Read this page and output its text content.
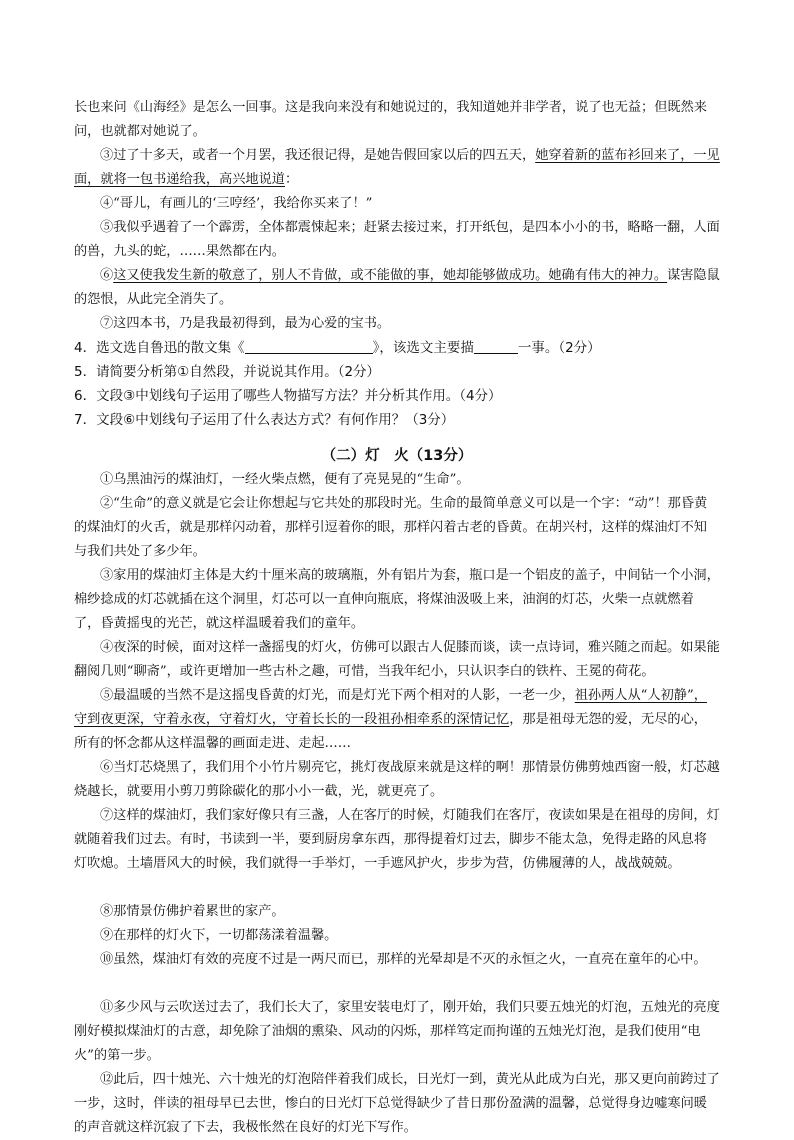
长也来问《山海经》是怎么一回事。这是我向来没有和她说过的，我知道她并非学者，说了也无益；但既然来问，也就都对她说了。

③过了十多天，或者一个月罢，我还很记得，是她告假回家以后的四五天，她穿着新的蓝布衫回来了，一见面，就将一包书递给我，高兴地说道：

④“哥儿，有画儿的‘三哼经’，我给你买来了！”

⑤我似乎遇着了一个霹雳，全体都震悚起来；赶紧去接过来，打开纸包，是四本小小的书，略略一翻，人面的兽，九头的蛇，……果然都在内。

⑥这又使我发生新的敬意了，别人不肯做，或不能做的事，她却能够做成功。她确有伟大的神力。谋害隐鼠的怨恨，从此完全消失了。

⑦这四本书，乃是我最初得到，最为心爱的宝书。

4．选文选自鲁迅的散文集《	》，该选文主要描	一事。（2分）

5．请简要分析第①自然段，并说说其作用。（2分）

6．文段③中划线句子运用了哪些人物描写方法？并分析其作用。（4分）

7．文段⑥中划线句子运用了什么表达方式？有何作用？（3分）

（二）灯　火（13分）

①乌黑油污的煤油灯，一经火柴点燃，便有了亮晃晃的“生命”。

②“生命”的意义就是它会让你想起与它共处的那段时光。生命的最简单意义可以是一个字：“动”！那昏黄的煤油灯的火舌，就是那样闪动着，那样引逗着你的眼，那样闪着古老的昏黄。在胡兴村，这样的煤油灯不知与我们共处了多少年。

③家用的煤油灯主体是大约十厘米高的玻璃瓶，外有铝片为套，瓶口是一个铝皮的盖子，中间钻一个小洞，棉纱捻成的灯芯就插在这个洞里，灯芯可以一直伸向瓶底，将煤油汲吸上来，油润的灯芯，火柴一点就燃着了，昏黄摇曳的光芒，就这样温暖着我们的童年。

④夜深的时候，面对这样一盏摇曳的灯火，仿佛可以跟古人促膝而谈，读一点诗词，雅兴随之而起。如果能翻阅几则“聊斋”，或许更增加一些古朴之趣，可惜，当我年纪小，只认识李白的铁杵、王冕的荷花。

⑤最温暖的当然不是这摇曳昏黄的灯光，而是灯光下两个相对的人影，一老一少，祖孙两人从“人初静”，守到夜更深，守着永夜，守着灯火，守着长长的一段祖孙相牵系的深情记忆，那是祖母无怨的爱，无尽的心，所有的怀念都从这样温馨的画面走进、走起……

⑥当灯芯烧黑了，我们用个小竹片剔亮它，挑灯夜战原来就是这样的啊！那情景仿佛剪烛西窗一般，灯芯越烧越长，就要用小剪刀剪除碳化的那小小一截，光，就更亮了。

⑦这样的煤油灯，我们家好像只有三盏，人在客厅的时候，灯随我们在客厅，夜读如果是在祖母的房间，灯就随着我们过去。有时，书读到一半，要到厨房拿东西，那得提着灯过去，脚步不能太急，免得走路的风息将灯吹熄。土墙厝风大的时候，我们就得一手举灯，一手遮风护火，步步为营，仿佛履薄的人，战战兢兢。

⑧那情景仿佛护着累世的家产。

⑨在那样的灯火下，一切都荡漾着温馨。

⑩虽然，煤油灯有效的亮度不过是一两尺而已，那样的光晕却是不灭的永恒之火，一直亮在童年的心中。

⑪多少风与云吹送过去了，我们长大了，家里安装电灯了，刚开始，我们只要五烛光的灯泡，五烛光的亮度刚好模拟煤油灯的古意，却免除了油烟的熏染、风动的闪烁，那样笃定而拘谨的五烛光灯泡，是我们使用“电火”的第一步。

⑫此后，四十烛光、六十烛光的灯泡陪伴着我们成长，日光灯一到，黄光从此成为白光，那又更向前跨过了一步，这时，伴读的祖母早已去世，惨白的日光灯下总觉得缺少了昔日那份盈满的温馨，总觉得身边嘘寒问暖的声音就这样沉寂了下去，我极怅然在良好的灯光下写作。
